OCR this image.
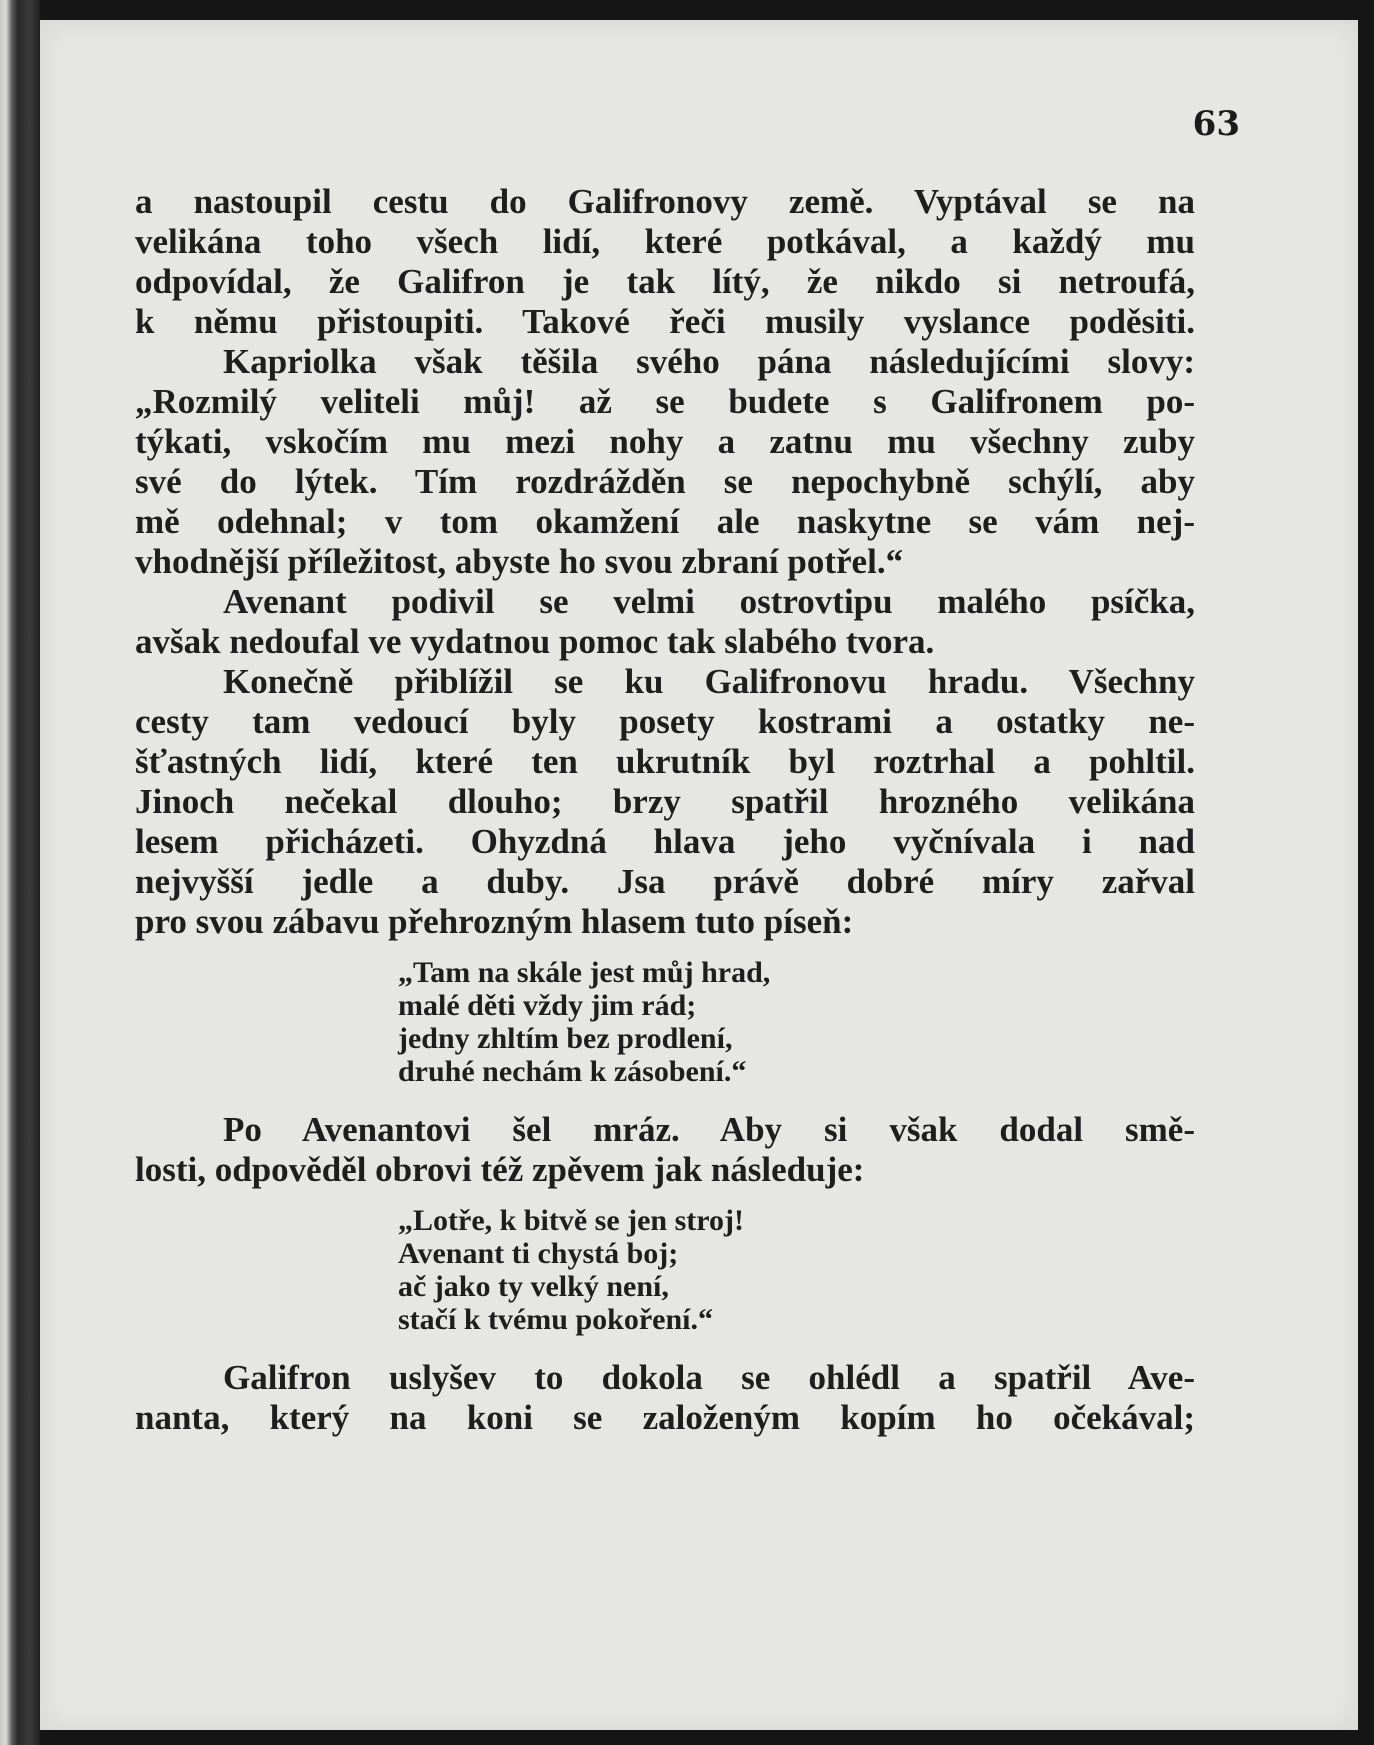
63
a nastoupil cestu do Galifronovy země. Vyptával se na
velikána toho všech lidí, které potkával, a každý mu
odpovídal, že Galifron je tak lítý, že nikdo si netroufá,
k němu přistoupiti. Takové řeči musily vyslance poděsiti.
Kapriolka však těšila svého pána následujícími slovy:
„Rozmilý veliteli můj! až se budete s Galifronem po-
týkati, vskočím mu mezi nohy a zatnu mu všechny zuby
své do lýtek. Tím rozdrážděn se nepochybně schýlí, aby
mě odehnal; v tom okamžení ale naskytne se vám nej-
vhodnější příležitost, abyste ho svou zbraní potřel.“
Avenant podivil se velmi ostrovtipu malého psíčka,
avšak nedoufal ve vydatnou pomoc tak slabého tvora.
Konečně přiblížil se ku Galifronovu hradu. Všechny
cesty tam vedoucí byly posety kostrami a ostatky ne-
šťastných lidí, které ten ukrutník byl roztrhal a pohltil.
Jinoch nečekal dlouho; brzy spatřil hrozného velikána
lesem přicházeti. Ohyzdná hlava jeho vyčnívala i nad
nejvyšší jedle a duby. Jsa právě dobré míry zařval
pro svou zábavu přehrozným hlasem tuto píseň:
„Tam na skále jest můj hrad,
malé děti vždy jim rád;
jedny zhltím bez prodlení,
druhé nechám k zásobení.“
Po Avenantovi šel mráz. Aby si však dodal smě-
losti, odpověděl obrovi též zpěvem jak následuje:
„Lotře, k bitvě se jen stroj!
Avenant ti chystá boj;
ač jako ty velký není,
stačí k tvému pokoření.“
Galifron uslyšev to dokola se ohlédl a spatřil Ave-
nanta, který na koni se založeným kopím ho očekával;
